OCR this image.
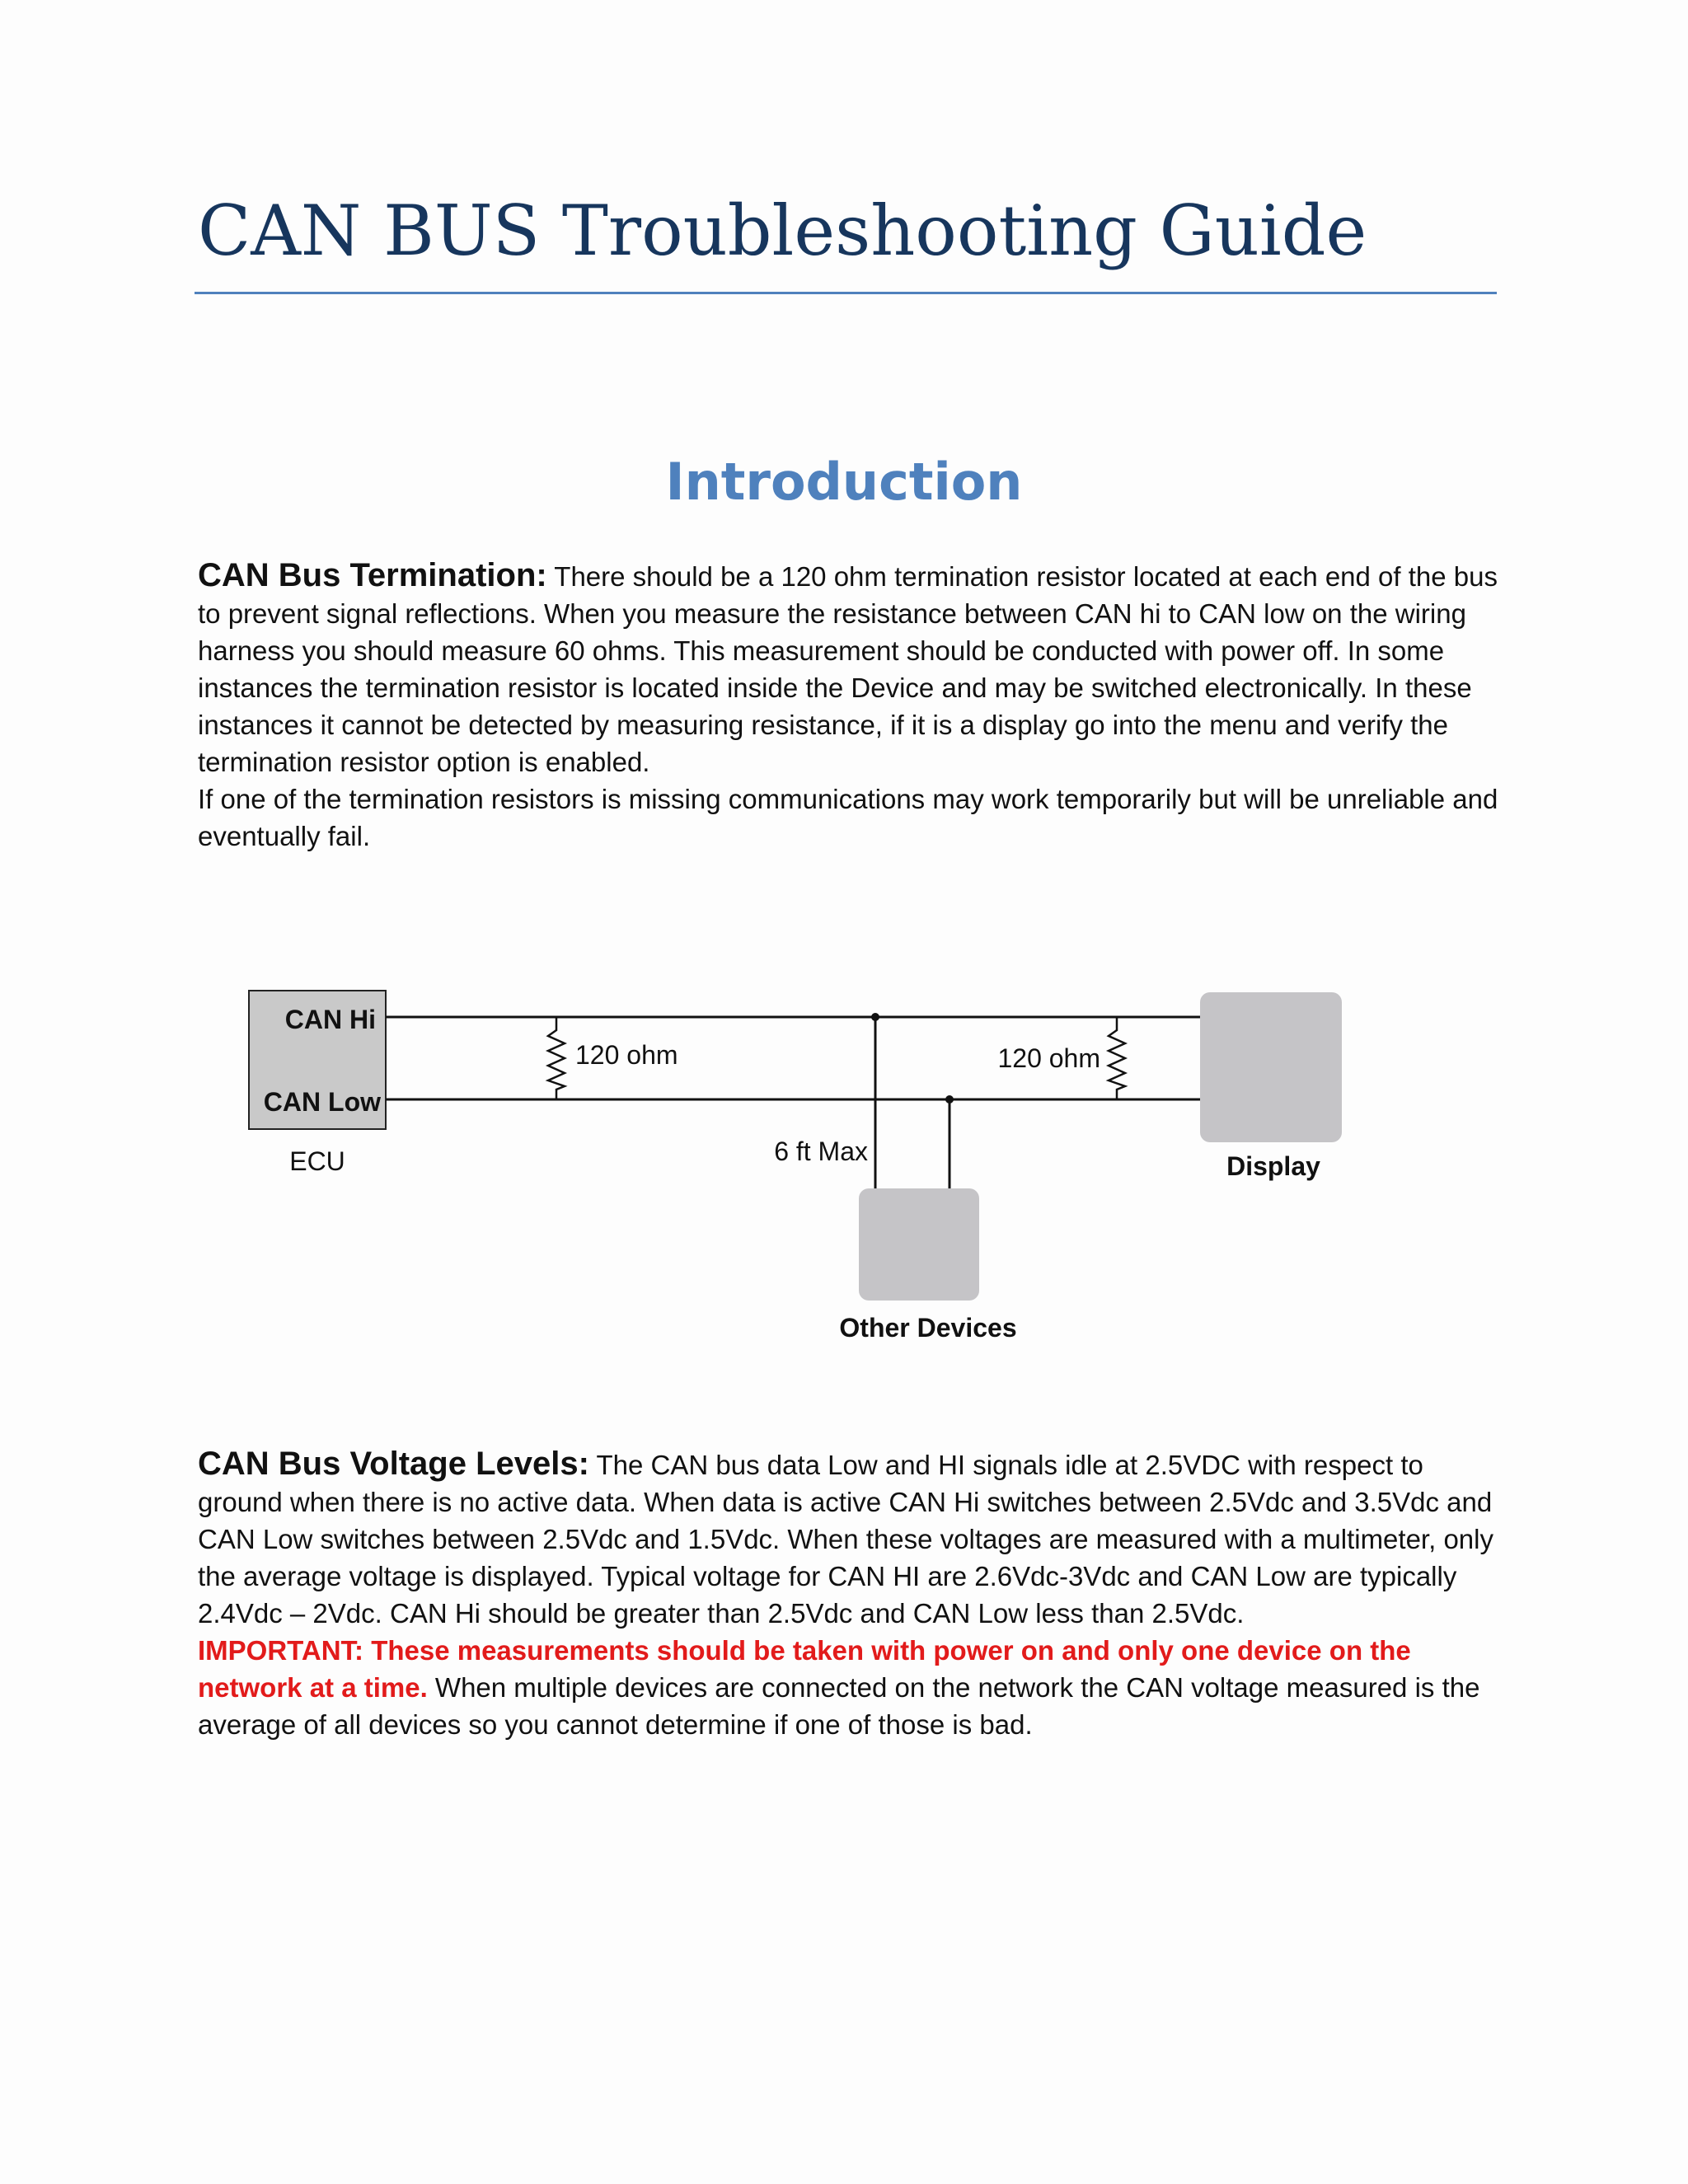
CAN BUS Troubleshooting Guide
Introduction

CAN Bus Termination: There should be a 120 ohm termination resistor located at each end of the bus to prevent signal reflections. When you measure the resistance between CAN hi to CAN low on the wiring harness you should measure 60 ohms. This measurement should be conducted with power off. In some instances the termination resistor is located inside the Device and may be switched electronically. In these instances it cannot be detected by measuring resistance, if it is a display go into the menu and verify the termination resistor option is enabled.
If one of the termination resistors is missing communications may work temporarily but will be unreliable and eventually fail.

CAN Hi
CAN Low
ECU
120 ohm	120 ohm
6 ft Max
Other Devices
Display

CAN Bus Voltage Levels: The CAN bus data Low and HI signals idle at 2.5VDC with respect to ground when there is no active data. When data is active CAN Hi switches between 2.5Vdc and 3.5Vdc and CAN Low switches between 2.5Vdc and 1.5Vdc. When these voltages are measured with a multimeter, only the average voltage is displayed. Typical voltage for CAN HI are 2.6Vdc-3Vdc and CAN Low are typically 2.4Vdc – 2Vdc. CAN Hi should be greater than 2.5Vdc and CAN Low less than 2.5Vdc.
IMPORTANT: These measurements should be taken with power on and only one device on the network at a time. When multiple devices are connected on the network the CAN voltage measured is the average of all devices so you cannot determine if one of those is bad.
